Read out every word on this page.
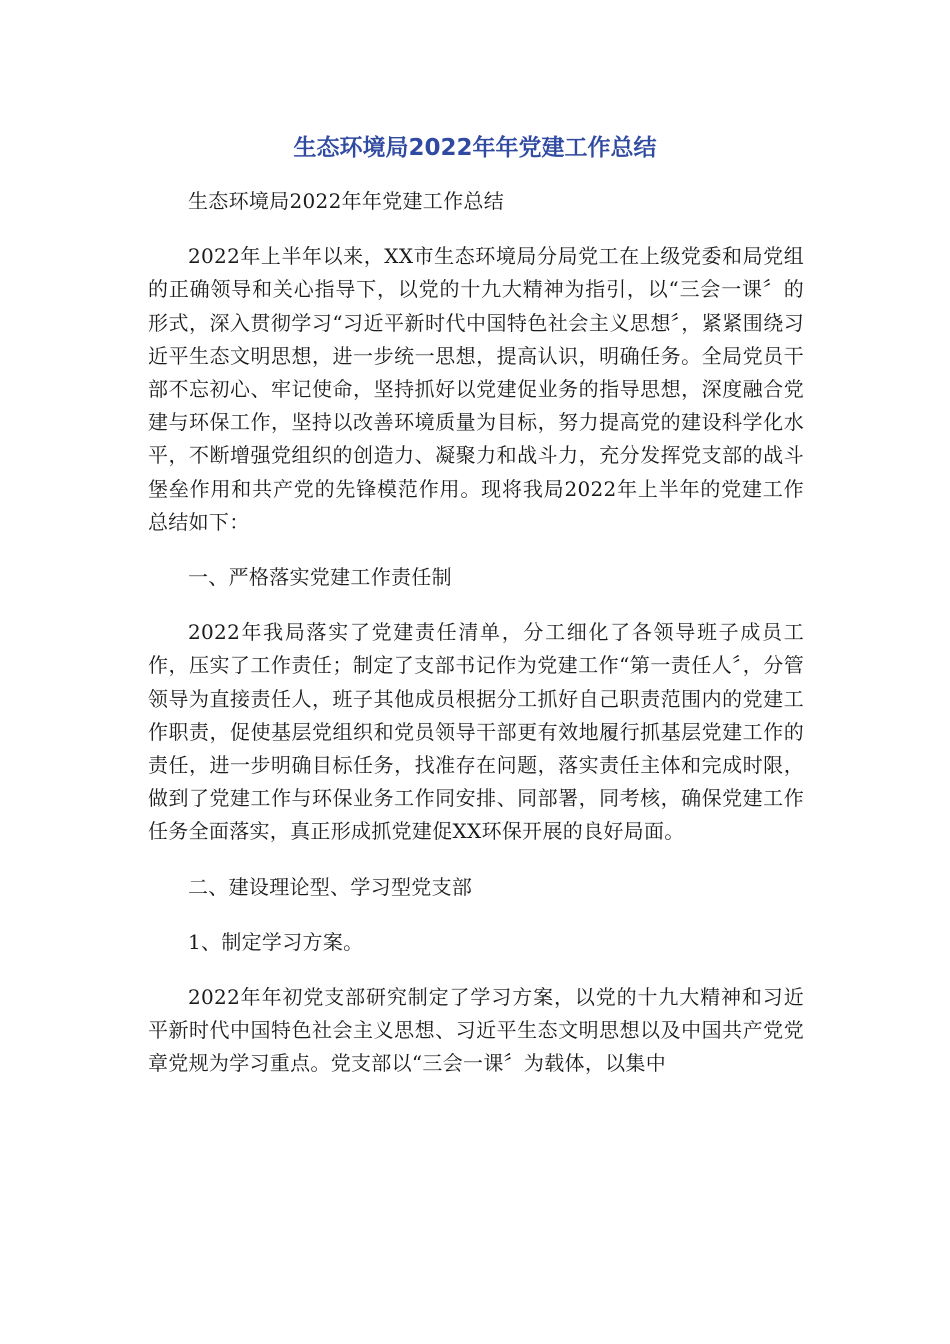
生态环境局2022年年党建工作总结

生态环境局2022年年党建工作总结

2022年上半年以来，XX市生态环境局分局党工在上级党委和局党组的正确领导和关心指导下，以党的十九大精神为指引，以“三会一课〞的形式，深入贯彻学习“习近平新时代中国特色社会主义思想〞，紧紧围绕习近平生态文明思想，进一步统一思想，提高认识，明确任务。全局党员干部不忘初心、牢记使命，坚持抓好以党建促业务的指导思想，深度融合党建与环保工作，坚持以改善环境质量为目标，努力提高党的建设科学化水平，不断增强党组织的创造力、凝聚力和战斗力，充分发挥党支部的战斗堡垒作用和共产党的先锋模范作用。现将我局2022年上半年的党建工作总结如下：

一、严格落实党建工作责任制

2022年我局落实了党建责任清单，分工细化了各领导班子成员工作，压实了工作责任；制定了支部书记作为党建工作“第一责任人〞，分管领导为直接责任人，班子其他成员根据分工抓好自己职责范围内的党建工作职责，促使基层党组织和党员领导干部更有效地履行抓基层党建工作的责任，进一步明确目标任务，找准存在问题，落实责任主体和完成时限，做到了党建工作与环保业务工作同安排、同部署，同考核，确保党建工作任务全面落实，真正形成抓党建促XX环保开展的良好局面。

二、建设理论型、学习型党支部

1、制定学习方案。

2022年年初党支部研究制定了学习方案，以党的十九大精神和习近平新时代中国特色社会主义思想、习近平生态文明思想以及中国共产党党章党规为学习重点。党支部以“三会一课〞为载体，以集中
